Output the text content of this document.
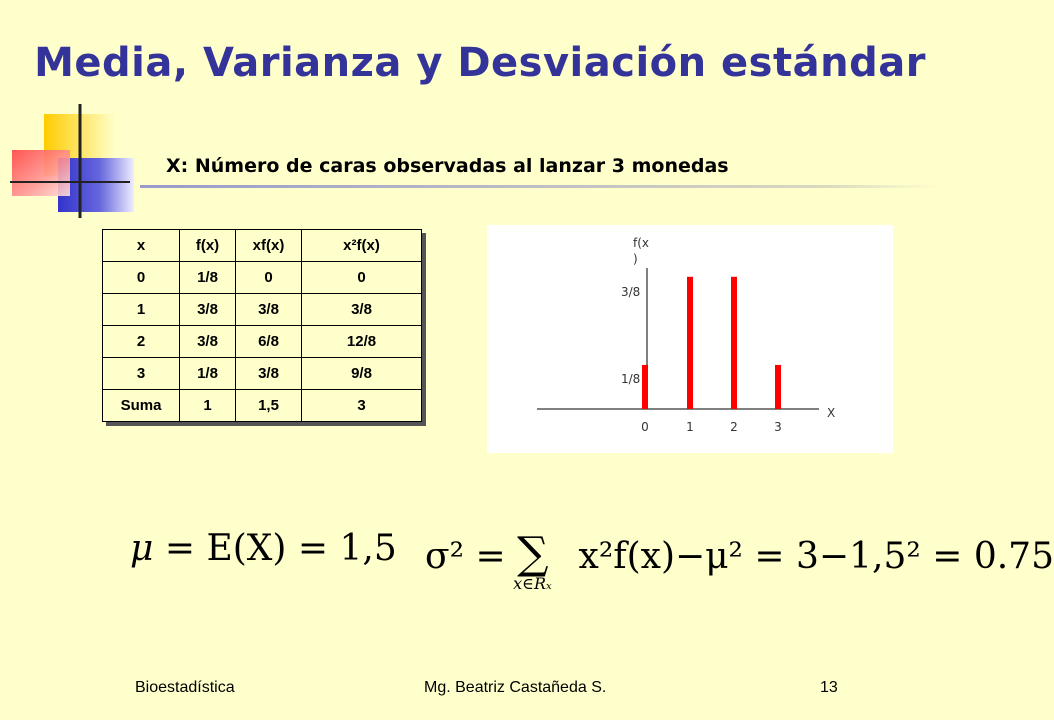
Media, Varianza y Desviación estándar
X: Número de caras observadas al lanzar 3 monedas
x	f(x)	xf(x)	x²f(x)
0	1/8	0	0
1	3/8	3/8	3/8
2	3/8	6/8	12/8
3	1/8	3/8	9/8
Suma	1	1,5	3
0	1	2	3
3/8
1/8
f(x
)
X
μ = E(X) = 1,5 σ² = ∑
x∈Rₓ
x²f(x)−μ² = 3−1,5² = 0.75
Bioestadística	Mg. Beatriz Castañeda S.	13
